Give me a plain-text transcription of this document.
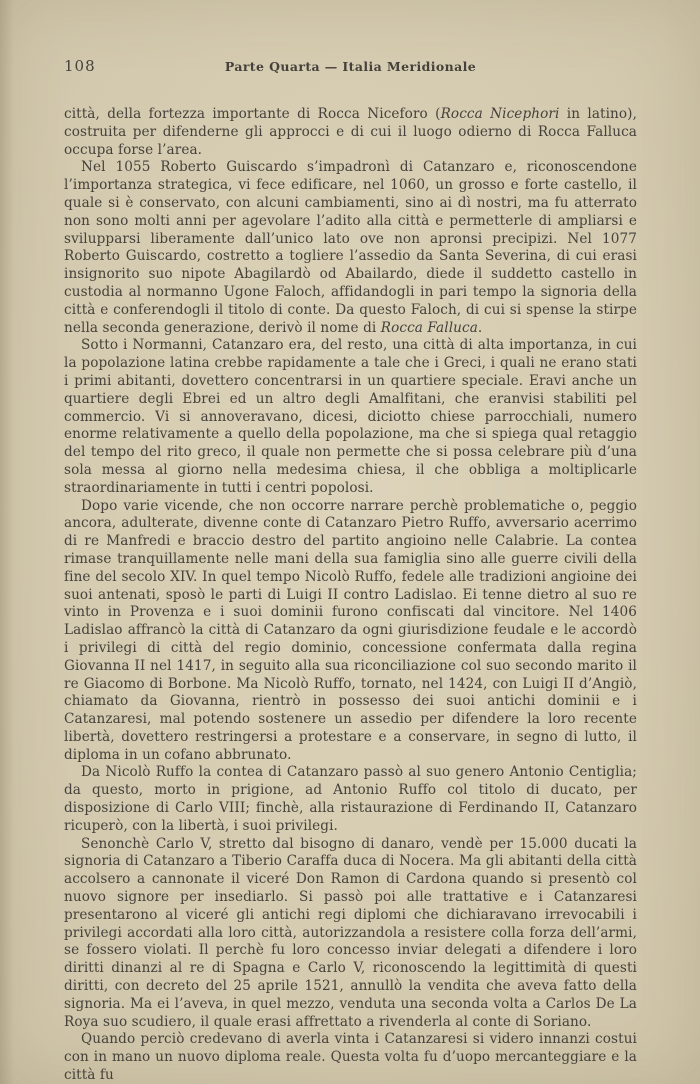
108	Parte Quarta — Italia Meridionale

città, della fortezza importante di Rocca Niceforo (Rocca Nicephori in latino), costruita per difenderne gli approcci e di cui il luogo odierno di Rocca Falluca occupa forse l’area.

Nel 1055 Roberto Guiscardo s’impadronì di Catanzaro e, riconoscendone l’importanza strategica, vi fece edificare, nel 1060, un grosso e forte castello, il quale si è conservato, con alcuni cambiamenti, sino ai dì nostri, ma fu atterrato non sono molti anni per agevolare l’adito alla città e permetterle di ampliarsi e svilupparsi liberamente dall’unico lato ove non apronsi precipizi. Nel 1077 Roberto Guiscardo, costretto a togliere l’assedio da Santa Severina, di cui erasi insignorito suo nipote Abagilardò od Abailardo, diede il suddetto castello in custodia al normanno Ugone Faloch, affidandogli in pari tempo la signoria della città e conferendogli il titolo di conte. Da questo Faloch, di cui si spense la stirpe nella seconda generazione, derivò il nome di Rocca Falluca.

Sotto i Normanni, Catanzaro era, del resto, una città di alta importanza, in cui la popolazione latina crebbe rapidamente a tale che i Greci, i quali ne erano stati i primi abitanti, dovettero concentrarsi in un quartiere speciale. Eravi anche un quartiere degli Ebrei ed un altro degli Amalfitani, che eranvisi stabiliti pel commercio. Vi si annoveravano, dicesi, diciotto chiese parrocchiali, numero enorme relativamente a quello della popolazione, ma che si spiega qual retaggio del tempo del rito greco, il quale non permette che si possa celebrare più d’una sola messa al giorno nella medesima chiesa, il che obbliga a moltiplicarle straordinariamente in tutti i centri popolosi.

Dopo varie vicende, che non occorre narrare perchè problematiche o, peggio ancora, adulterate, divenne conte di Catanzaro Pietro Ruffo, avversario acerrimo di re Manfredi e braccio destro del partito angioino nelle Calabrie. La contea rimase tranquillamente nelle mani della sua famiglia sino alle guerre civili della fine del secolo XIV. In quel tempo Nicolò Ruffo, fedele alle tradizioni angioine dei suoi antenati, sposò le parti di Luigi II contro Ladislao. Ei tenne dietro al suo re vinto in Provenza e i suoi dominii furono confiscati dal vincitore. Nel 1406 Ladislao affrancò la città di Catanzaro da ogni giurisdizione feudale e le accordò i privilegi di città del regio dominio, concessione confermata dalla regina Giovanna II nel 1417, in seguito alla sua riconciliazione col suo secondo marito il re Giacomo di Borbone. Ma Nicolò Ruffo, tornato, nel 1424, con Luigi II d’Angiò, chiamato da Giovanna, rientrò in possesso dei suoi antichi dominii e i Catanzaresi, mal potendo sostenere un assedio per difendere la loro recente libertà, dovettero restringersi a protestare e a conservare, in segno di lutto, il diploma in un cofano abbrunato.

Da Nicolò Ruffo la contea di Catanzaro passò al suo genero Antonio Centiglia; da questo, morto in prigione, ad Antonio Ruffo col titolo di ducato, per disposizione di Carlo VIII; finchè, alla ristaurazione di Ferdinando II, Catanzaro ricuperò, con la libertà, i suoi privilegi.

Senonchè Carlo V, stretto dal bisogno di danaro, vendè per 15.000 ducati la signoria di Catanzaro a Tiberio Caraffa duca di Nocera. Ma gli abitanti della città accolsero a cannonate il viceré Don Ramon di Cardona quando si presentò col nuovo signore per insediarlo. Si passò poi alle trattative e i Catanzaresi presentarono al viceré gli antichi regi diplomi che dichiaravano irrevocabili i privilegi accordati alla loro città, autorizzandola a resistere colla forza dell’armi, se fossero violati. Il perchè fu loro concesso inviar delegati a difendere i loro diritti dinanzi al re di Spagna e Carlo V, riconoscendo la legittimità di questi diritti, con decreto del 25 aprile 1521, annullò la vendita che aveva fatto della signoria. Ma ei l’aveva, in quel mezzo, venduta una seconda volta a Carlos De La Roya suo scudiero, il quale erasi affrettato a rivenderla al conte di Soriano.

Quando perciò credevano di averla vinta i Catanzaresi si videro innanzi costui con in mano un nuovo diploma reale. Questa volta fu d’uopo mercanteggiare e la città fu
